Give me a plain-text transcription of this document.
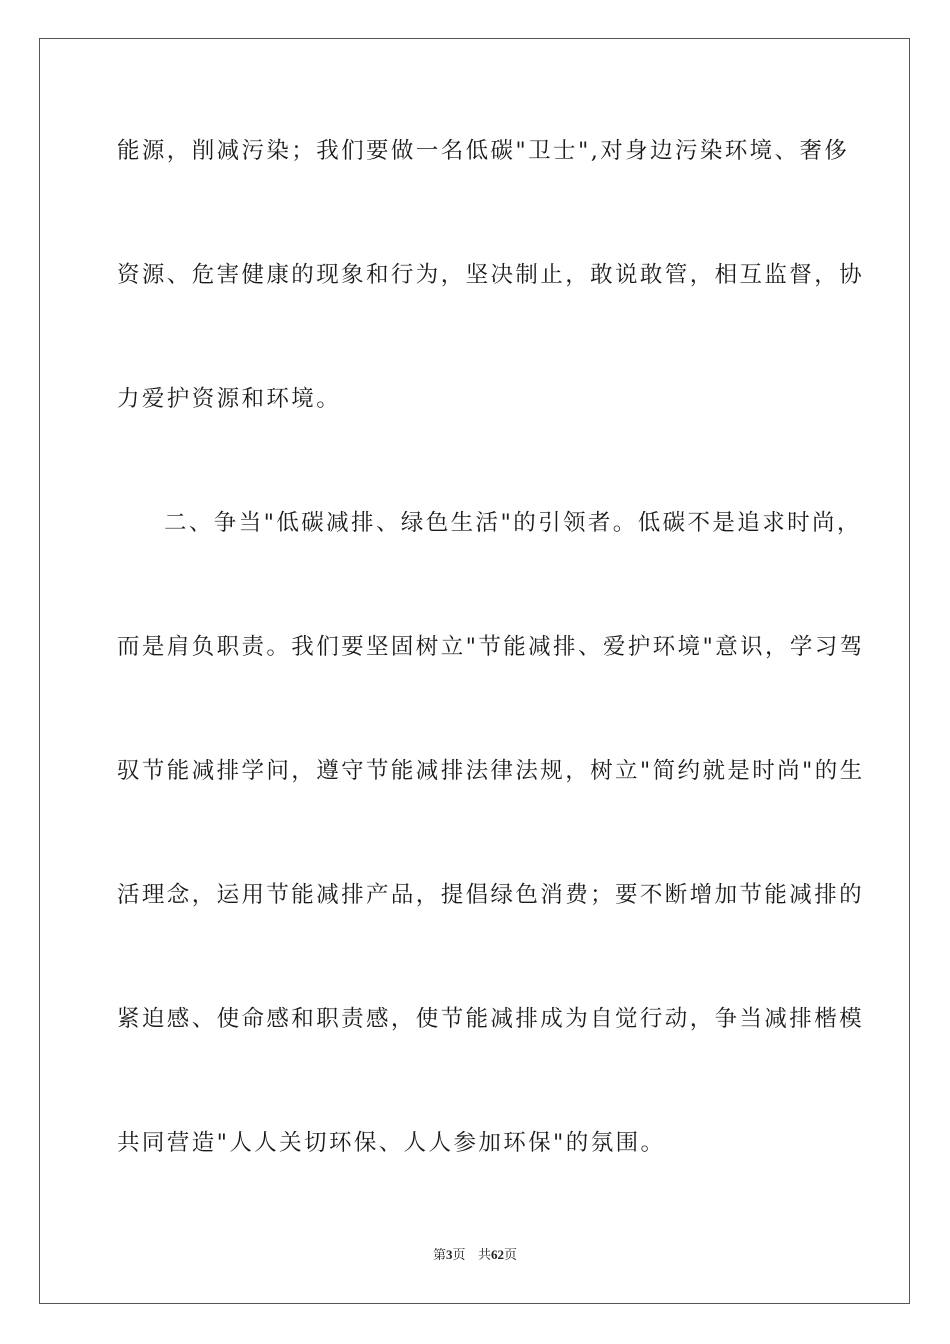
能源，削减污染；我们要做一名低碳"卫士",对身边污染环境、奢侈
资源、危害健康的现象和行为，坚决制止，敢说敢管，相互监督，协
力爱护资源和环境。
二、争当"低碳减排、绿色生活"的引领者。低碳不是追求时尚，
而是肩负职责。我们要坚固树立"节能减排、爱护环境"意识，学习驾
驭节能减排学问，遵守节能减排法律法规，树立"简约就是时尚"的生
活理念，运用节能减排产品，提倡绿色消费；要不断增加节能减排的
紧迫感、使命感和职责感，使节能减排成为自觉行动，争当减排楷模
共同营造"人人关切环保、人人参加环保"的氛围。
第3页 共62页
